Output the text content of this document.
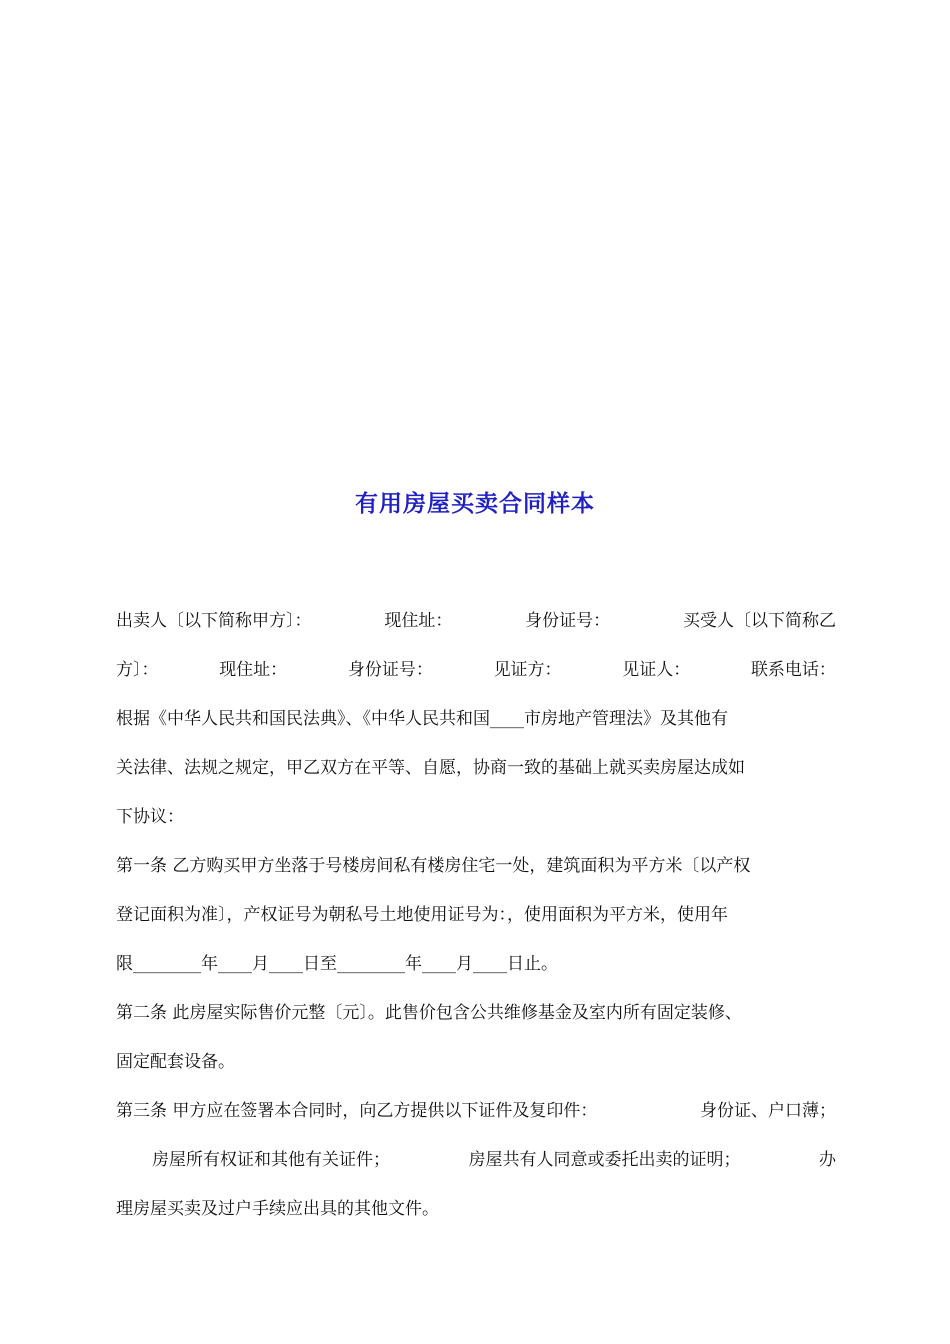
有用房屋买卖合同样本
出卖人〔以下简称甲方〕：	现住址：	身份证号：	买受人〔以下简称乙
方〕：	现住址：	身份证号：	见证方：	见证人：	联系电话：
根据《中华人民共和国民法典》、《中华人民共和国____市房地产管理法》及其他有
关法律、法规之规定，甲乙双方在平等、自愿，协商一致的基础上就买卖房屋达成如
下协议：
第一条 乙方购买甲方坐落于号楼房间私有楼房住宅一处，建筑面积为平方米〔以产权
登记面积为准〕，产权证号为朝私号土地使用证号为：，使用面积为平方米，使用年
限________年____月____日至________年____月____日止。
第二条 此房屋实际售价元整〔元〕。此售价包含公共维修基金及室内所有固定装修、
固定配套设备。
第三条 甲方应在签署本合同时，向乙方提供以下证件及复印件：	身份证、户口薄；
房屋所有权证和其他有关证件；	房屋共有人同意或委托出卖的证明；	办
理房屋买卖及过户手续应出具的其他文件。
